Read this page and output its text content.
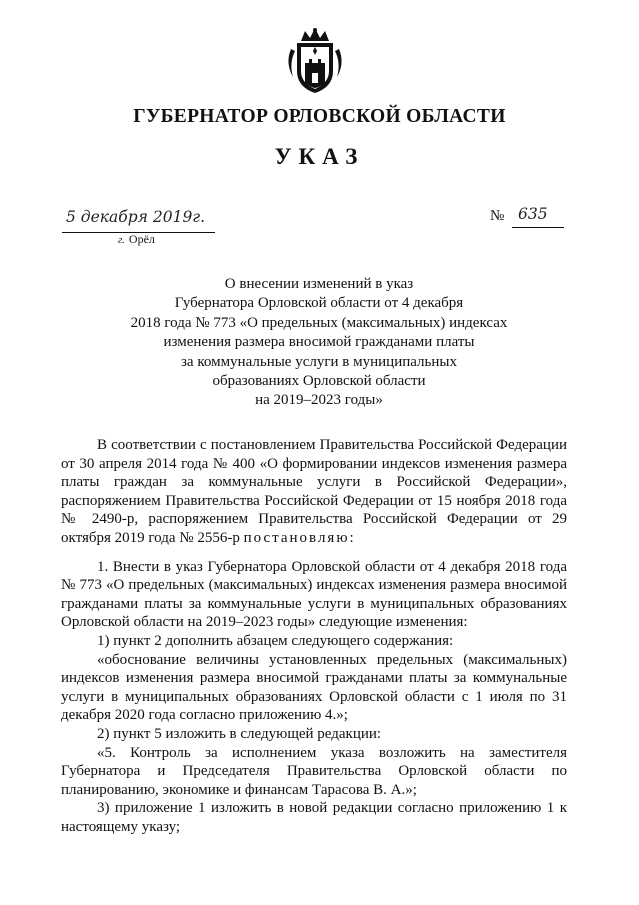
ГУБЕРНАТОР ОРЛОВСКОЙ ОБЛАСТИ
УКАЗ
5 декабря 2019г.
г. Орёл
№ 635
О внесении изменений в указ
Губернатора Орловской области от 4 декабря
2018 года № 773 «О предельных (максимальных) индексах
изменения размера вносимой гражданами платы
за коммунальные услуги в муниципальных
образованиях Орловской области
на 2019–2023 годы»

В соответствии с постановлением Правительства Российской Федерации от 30 апреля 2014 года № 400 «О формировании индексов изменения размера платы граждан за коммунальные услуги в Российской Федерации», распоряжением Правительства Российской Федерации от 15 ноября 2018 года № 2490-р, распоряжением Правительства Российской Федерации от 29 октября 2019 года № 2556-р постановляю:

1. Внести в указ Губернатора Орловской области от 4 декабря 2018 года № 773 «О предельных (максимальных) индексах изменения размера вносимой гражданами платы за коммунальные услуги в муниципальных образованиях Орловской области на 2019–2023 годы» следующие изменения:

1) пункт 2 дополнить абзацем следующего содержания:

«обоснование величины установленных предельных (максимальных) индексов изменения размера вносимой гражданами платы за коммунальные услуги в муниципальных образованиях Орловской области с 1 июля по 31 декабря 2020 года согласно приложению 4.»;

2) пункт 5 изложить в следующей редакции:

«5. Контроль за исполнением указа возложить на заместителя Губернатора и Председателя Правительства Орловской области по планированию, экономике и финансам Тарасова В. А.»;

3) приложение 1 изложить в новой редакции согласно приложению 1 к настоящему указу;
